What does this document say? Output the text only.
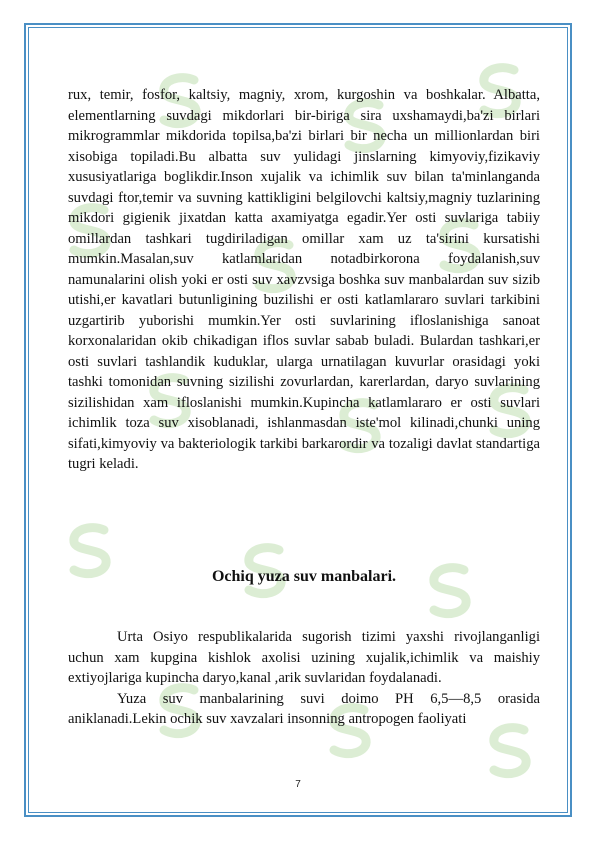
rux, temir, fosfor, kaltsiy, magniy, xrom, kurgoshin va boshkalar. Albatta, elementlarning suvdagi mikdorlari bir-biriga sira uxshamaydi,ba'zi birlari mikrogrammlar mikdorida topilsa,ba'zi birlari bir necha un millionlardan biri xisobiga topiladi.Bu albatta suv yulidagi jinslarning kimyoviy,fizikaviy xususiyatlariga boglikdir.Inson xujalik va ichimlik suv bilan ta'minlanganda suvdagi ftor,temir va suvning kattikligini belgilovchi kaltsiy,magniy tuzlarining mikdori gigienik jixatdan katta axamiyatga egadir.Yer osti suvlariga tabiiy omillardan tashkari tugdiriladigan omillar xam uz ta'sirini kursatishi mumkin.Masalan,suv katlamlaridan notadbirkorona foydalanish,suv namunalarini olish yoki er osti suv xavzvsiga boshka suv manbalardan suv sizib utishi,er kavatlari butunligining buzilishi er osti katlamlararo suvlari tarkibini uzgartirib yuborishi mumkin.Yer osti suvlarining ifloslanishiga sanoat korxonalaridan okib chikadigan iflos suvlar sabab buladi. Bulardan tashkari,er osti suvlari tashlandik kuduklar, ularga urnatilagan kuvurlar orasidagi yoki tashki tomonidan suvning sizilishi zovurlardan, karerlardan, daryo suvlarining sizilishidan xam ifloslanishi mumkin.Kupincha katlamlararo er osti suvlari ichimlik toza suv xisoblanadi, ishlanmasdan iste'mol kilinadi,chunki uning sifati,kimyoviy va bakteriologik tarkibi barkarordir va tozaligi davlat standartiga tugri keladi.

Ochiq yuza suv manbalari.

Urta Osiyo respublikalarida sugorish tizimi yaxshi rivojlanganligi uchun xam kupgina kishlok axolisi uzining xujalik,ichimlik va maishiy extiyojlariga kupincha daryo,kanal ,arik suvlaridan foydalanadi.

Yuza suv manbalarining suvi doimo PH 6,5—8,5 orasida aniklanadi.Lekin ochik suv xavzalari insonning antropogen faoliyati

7
